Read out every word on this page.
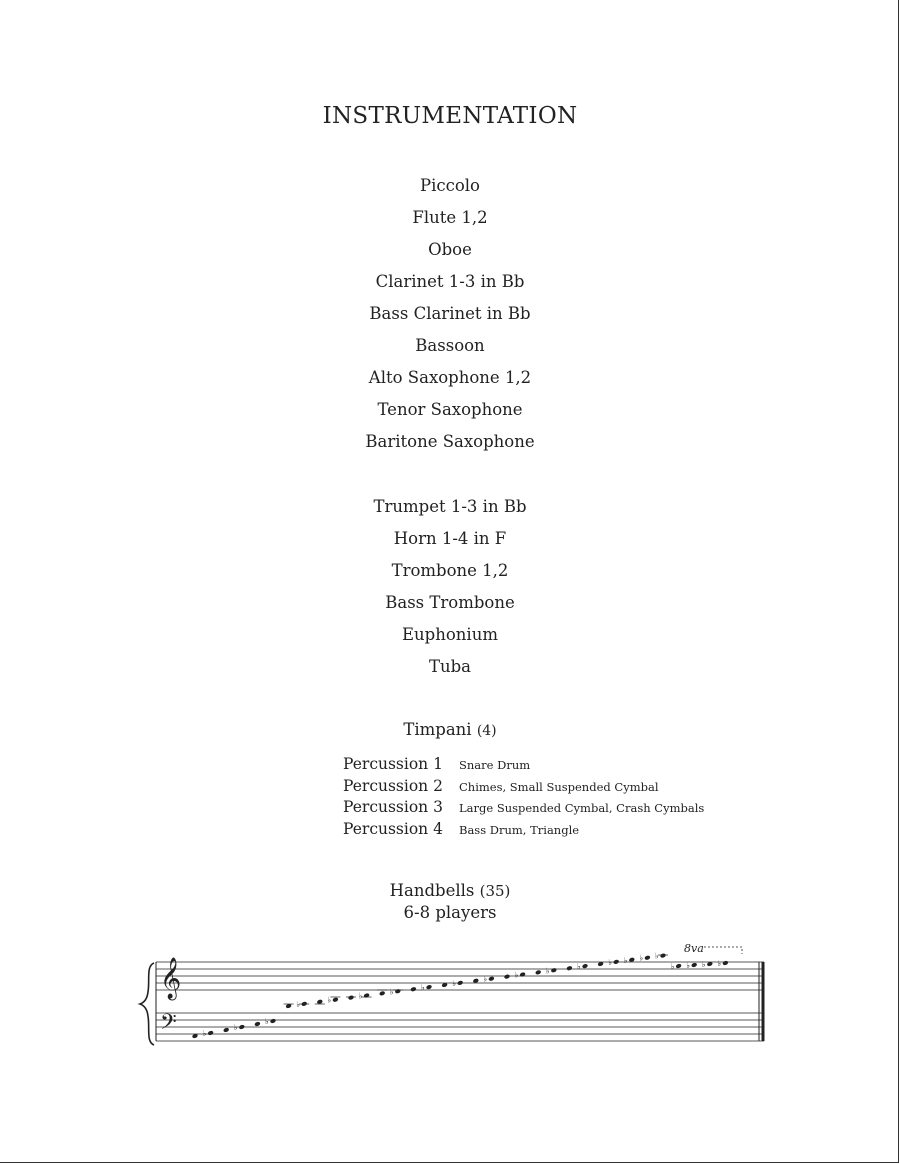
INSTRUMENTATION
Piccolo
Flute 1,2
Oboe
Clarinet 1-3 in Bb
Bass Clarinet in Bb
Bassoon
Alto Saxophone 1,2
Tenor Saxophone
Baritone Saxophone
Trumpet 1-3 in Bb
Horn 1-4 in F
Trombone 1,2
Bass Trombone
Euphonium
Tuba
Timpani (4)
Percussion 1 Snare Drum
Percussion 2 Chimes, Small Suspended Cymbal
Percussion 3 Large Suspended Cymbal, Crash Cymbals
Percussion 4 Bass Drum, Triangle
Handbells (35)
6-8 players
𝄞
𝄢
8va
♭
♭
♭
♭	♭	♭	♭	♭	♭	♭	♭	♭	♭	♭ ♭ ♭ ♭
♭ ♭ ♭ ♭
